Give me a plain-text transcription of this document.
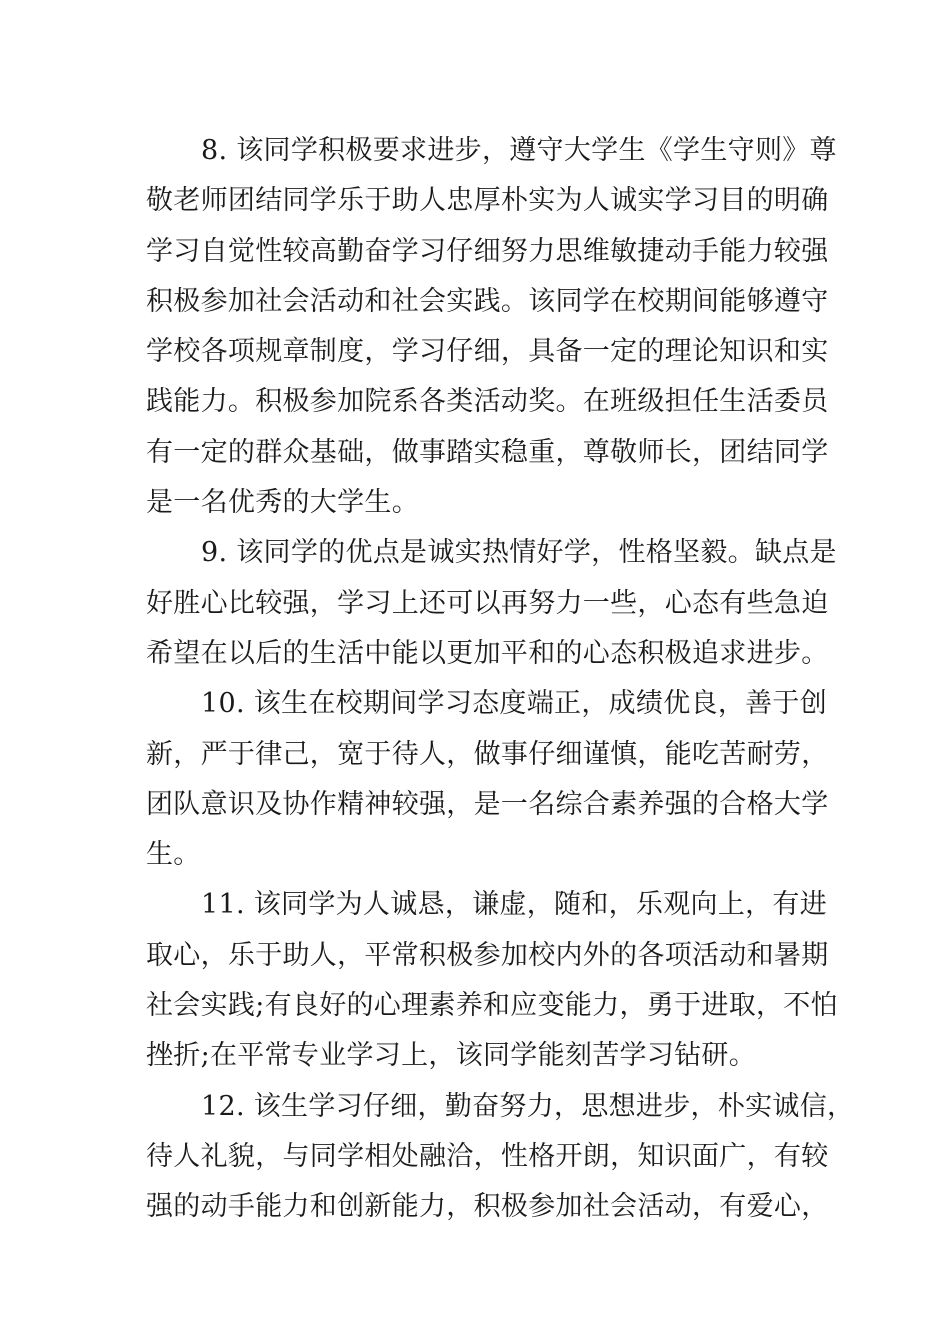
8. 该同学积极要求进步，遵守大学生《学生守则》尊
敬老师团结同学乐于助人忠厚朴实为人诚实学习目的明确
学习自觉性较高勤奋学习仔细努力思维敏捷动手能力较强
积极参加社会活动和社会实践。该同学在校期间能够遵守
学校各项规章制度，学习仔细，具备一定的理论知识和实
践能力。积极参加院系各类活动奖。在班级担任生活委员
有一定的群众基础，做事踏实稳重，尊敬师长，团结同学
是一名优秀的大学生。
9. 该同学的优点是诚实热情好学，性格坚毅。缺点是
好胜心比较强，学习上还可以再努力一些，心态有些急迫
希望在以后的生活中能以更加平和的心态积极追求进步。
10. 该生在校期间学习态度端正，成绩优良，善于创
新，严于律己，宽于待人，做事仔细谨慎，能吃苦耐劳，
团队意识及协作精神较强，是一名综合素养强的合格大学
生。
11. 该同学为人诚恳，谦虚，随和，乐观向上，有进
取心，乐于助人，平常积极参加校内外的各项活动和暑期
社会实践;有良好的心理素养和应变能力，勇于进取，不怕
挫折;在平常专业学习上，该同学能刻苦学习钻研。
12. 该生学习仔细，勤奋努力，思想进步，朴实诚信，
待人礼貌，与同学相处融洽，性格开朗，知识面广，有较
强的动手能力和创新能力，积极参加社会活动，有爱心，
